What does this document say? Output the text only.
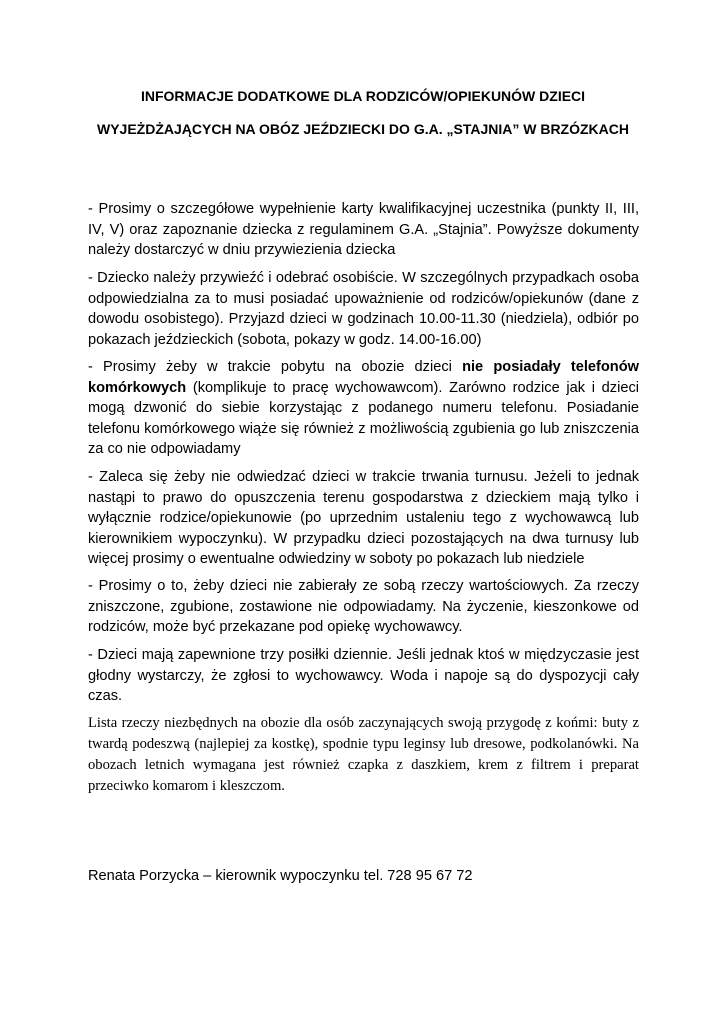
INFORMACJE DODATKOWE DLA RODZICÓW/OPIEKUNÓW DZIECI

WYJEŻDŻAJĄCYCH NA OBÓZ JEŹDZIECKI DO G.A. „STAJNIA” W BRZÓZKACH

- Prosimy o szczegółowe wypełnienie karty kwalifikacyjnej uczestnika (punkty II, III, IV, V) oraz zapoznanie dziecka z regulaminem G.A. „Stajnia”. Powyższe dokumenty należy dostarczyć w dniu przywiezienia dziecka

- Dziecko należy przywieźć i odebrać osobiście. W szczególnych przypadkach osoba odpowiedzialna za to musi posiadać upoważnienie od rodziców/opiekunów (dane z dowodu osobistego). Przyjazd dzieci w godzinach 10.00-11.30 (niedziela), odbiór po pokazach jeździeckich (sobota, pokazy w godz. 14.00-16.00)

- Prosimy żeby w trakcie pobytu na obozie dzieci nie posiadały telefonów komórkowych (komplikuje to pracę wychowawcom). Zarówno rodzice jak i dzieci mogą dzwonić do siebie korzystając z podanego numeru telefonu. Posiadanie telefonu komórkowego wiąże się również z możliwością zgubienia go lub zniszczenia za co nie odpowiadamy

- Zaleca się żeby nie odwiedzać dzieci w trakcie trwania turnusu. Jeżeli to jednak nastąpi to prawo do opuszczenia terenu gospodarstwa z dzieckiem mają tylko i wyłącznie rodzice/opiekunowie (po uprzednim ustaleniu tego z wychowawcą lub kierownikiem wypoczynku). W przypadku dzieci pozostających na dwa turnusy lub więcej prosimy o ewentualne odwiedziny w soboty po pokazach lub niedziele

- Prosimy o to, żeby dzieci nie zabierały ze sobą rzeczy wartościowych. Za rzeczy zniszczone, zgubione, zostawione nie odpowiadamy. Na życzenie, kieszonkowe od rodziców, może być przekazane pod opiekę wychowawcy.

- Dzieci mają zapewnione trzy posiłki dziennie. Jeśli jednak ktoś w międzyczasie jest głodny wystarczy, że zgłosi to wychowawcy. Woda i napoje są do dyspozycji cały czas.

Lista rzeczy niezbędnych na obozie dla osób zaczynających swoją przygodę z końmi: buty z twardą podeszwą (najlepiej za kostkę), spodnie typu leginsy lub dresowe, podkolanówki. Na obozach letnich wymagana jest również czapka z daszkiem, krem z filtrem i preparat przeciwko komarom i kleszczom.

Renata Porzycka – kierownik wypoczynku tel. 728 95 67 72
